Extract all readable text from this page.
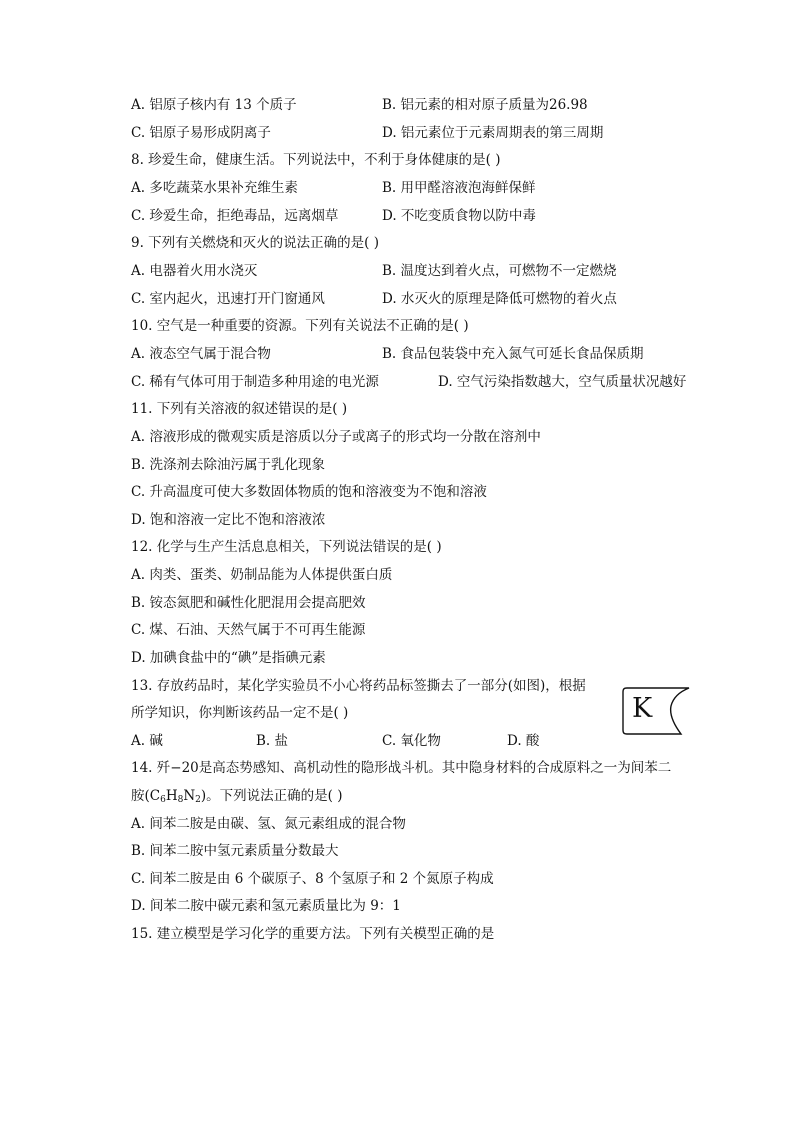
A. 铝原子核内有 13 个质子	B. 铝元素的相对原子质量为26.98
C. 铝原子易形成阴离子	D. 铝元素位于元素周期表的第三周期
8. 珍爱生命，健康生活。下列说法中，不利于身体健康的是( )
A. 多吃蔬菜水果补充维生素	B. 用甲醛溶液泡海鲜保鲜
C. 珍爱生命，拒绝毒品，远离烟草	D. 不吃变质食物以防中毒
9. 下列有关燃烧和灭火的说法正确的是( )
A. 电器着火用水浇灭	B. 温度达到着火点，可燃物不一定燃烧
C. 室内起火，迅速打开门窗通风	D. 水灭火的原理是降低可燃物的着火点
10. 空气是一种重要的资源。下列有关说法不正确的是( )
A. 液态空气属于混合物	B. 食品包装袋中充入氮气可延长食品保质期
C. 稀有气体可用于制造多种用途的电光源	D. 空气污染指数越大，空气质量状况越好
11. 下列有关溶液的叙述错误的是( )
A. 溶液形成的微观实质是溶质以分子或离子的形式均一分散在溶剂中
B. 洗涤剂去除油污属于乳化现象
C. 升高温度可使大多数固体物质的饱和溶液变为不饱和溶液
D. 饱和溶液一定比不饱和溶液浓
12. 化学与生产生活息息相关，下列说法错误的是( )
A. 肉类、蛋类、奶制品能为人体提供蛋白质
B. 铵态氮肥和碱性化肥混用会提高肥效
C. 煤、石油、天然气属于不可再生能源
D. 加碘食盐中的“碘”是指碘元素
13. 存放药品时，某化学实验员不小心将药品标签撕去了一部分(如图)，根据
所学知识，你判断该药品一定不是( )
A. 碱	B. 盐	C. 氧化物	D. 酸
K
14. 歼−20是高态势感知、高机动性的隐形战斗机。其中隐身材料的合成原料之一为间苯二
胺$(C_6H_8N_2)$。下列说法正确的是( )
A. 间苯二胺是由碳、氢、氮元素组成的混合物
B. 间苯二胺中氢元素质量分数最大
C. 间苯二胺是由 6 个碳原子、8 个氢原子和 2 个氮原子构成
D. 间苯二胺中碳元素和氢元素质量比为 9：1
15. 建立模型是学习化学的重要方法。下列有关模型正确的是
